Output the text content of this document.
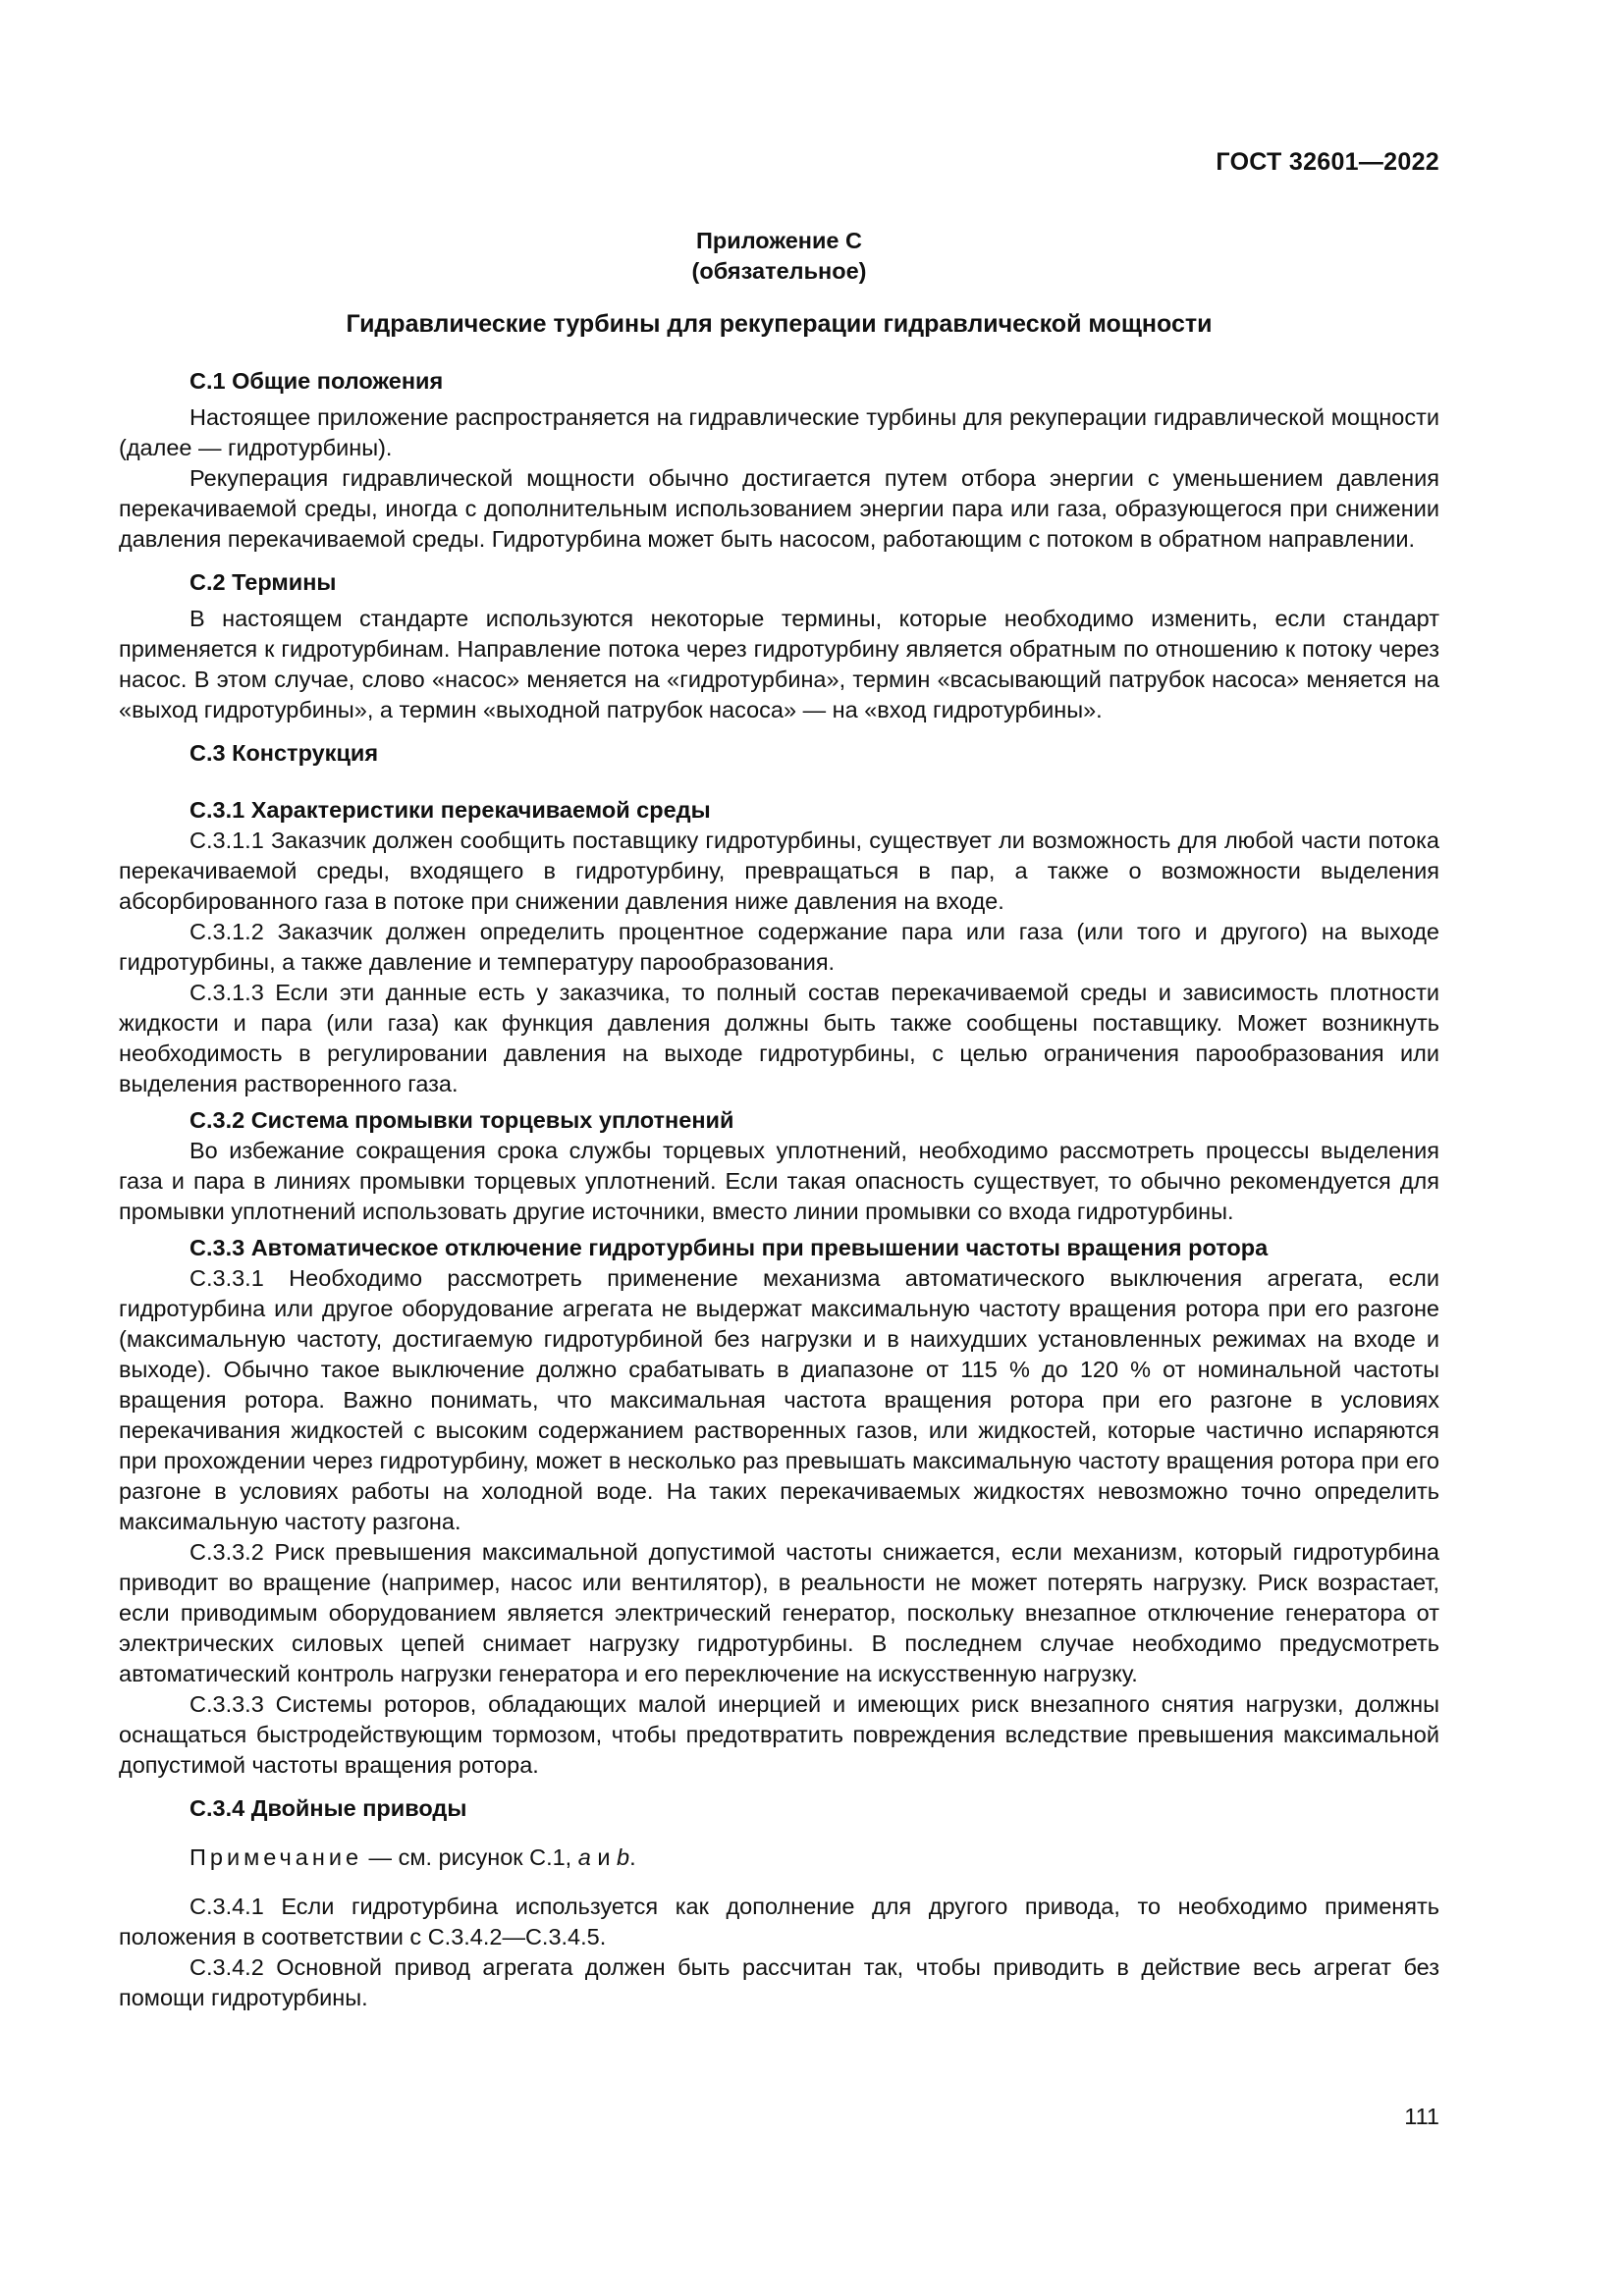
ГОСТ 32601—2022
Приложение С
(обязательное)
Гидравлические турбины для рекуперации гидравлической мощности
С.1 Общие положения

Настоящее приложение распространяется на гидравлические турбины для рекуперации гидравлической мощности (далее — гидротурбины).

Рекуперация гидравлической мощности обычно достигается путем отбора энергии с уменьшением давления перекачиваемой среды, иногда с дополнительным использованием энергии пара или газа, образующегося при снижении давления перекачиваемой среды. Гидротурбина может быть насосом, работающим с потоком в обратном направлении.

С.2 Термины

В настоящем стандарте используются некоторые термины, которые необходимо изменить, если стандарт применяется к гидротурбинам. Направление потока через гидротурбину является обратным по отношению к потоку через насос. В этом случае, слово «насос» меняется на «гидротурбина», термин «всасывающий патрубок насоса» меняется на «выход гидротурбины», а термин «выходной патрубок насоса» — на «вход гидротурбины».

С.3 Конструкция
С.3.1 Характеристики перекачиваемой среды

С.3.1.1 Заказчик должен сообщить поставщику гидротурбины, существует ли возможность для любой части потока перекачиваемой среды, входящего в гидротурбину, превращаться в пар, а также о возможности выделения абсорбированного газа в потоке при снижении давления ниже давления на входе.

С.3.1.2 Заказчик должен определить процентное содержание пара или газа (или того и другого) на выходе гидротурбины, а также давление и температуру парообразования.

С.3.1.3 Если эти данные есть у заказчика, то полный состав перекачиваемой среды и зависимость плотности жидкости и пара (или газа) как функция давления должны быть также сообщены поставщику. Может возникнуть необходимость в регулировании давления на выходе гидротурбины, с целью ограничения парообразования или выделения растворенного газа.

С.3.2 Система промывки торцевых уплотнений

Во избежание сокращения срока службы торцевых уплотнений, необходимо рассмотреть процессы выделения газа и пара в линиях промывки торцевых уплотнений. Если такая опасность существует, то обычно рекомендуется для промывки уплотнений использовать другие источники, вместо линии промывки со входа гидротурбины.

С.3.3 Автоматическое отключение гидротурбины при превышении частоты вращения ротора

С.3.3.1 Необходимо рассмотреть применение механизма автоматического выключения агрегата, если гидротурбина или другое оборудование агрегата не выдержат максимальную частоту вращения ротора при его разгоне (максимальную частоту, достигаемую гидротурбиной без нагрузки и в наихудших установленных режимах на входе и выходе). Обычно такое выключение должно срабатывать в диапазоне от 115 % до 120 % от номинальной частоты вращения ротора. Важно понимать, что максимальная частота вращения ротора при его разгоне в условиях перекачивания жидкостей с высоким содержанием растворенных газов, или жидкостей, которые частично испаряются при прохождении через гидротурбину, может в несколько раз превышать максимальную частоту вращения ротора при его разгоне в условиях работы на холодной воде. На таких перекачиваемых жидкостях невозможно точно определить максимальную частоту разгона.

С.3.3.2 Риск превышения максимальной допустимой частоты снижается, если механизм, который гидротурбина приводит во вращение (например, насос или вентилятор), в реальности не может потерять нагрузку. Риск возрастает, если приводимым оборудованием является электрический генератор, поскольку внезапное отключение генератора от электрических силовых цепей снимает нагрузку гидротурбины. В последнем случае необходимо предусмотреть автоматический контроль нагрузки генератора и его переключение на искусственную нагрузку.

С.3.3.3 Системы роторов, обладающих малой инерцией и имеющих риск внезапного снятия нагрузки, должны оснащаться быстродействующим тормозом, чтобы предотвратить повреждения вследствие превышения максимальной допустимой частоты вращения ротора.

С.3.4 Двойные приводы
Примечание — см. рисунок С.1, a и b.

С.3.4.1 Если гидротурбина используется как дополнение для другого привода, то необходимо применять положения в соответствии с С.3.4.2—С.3.4.5.

С.3.4.2 Основной привод агрегата должен быть рассчитан так, чтобы приводить в действие весь агрегат без помощи гидротурбины.

111
